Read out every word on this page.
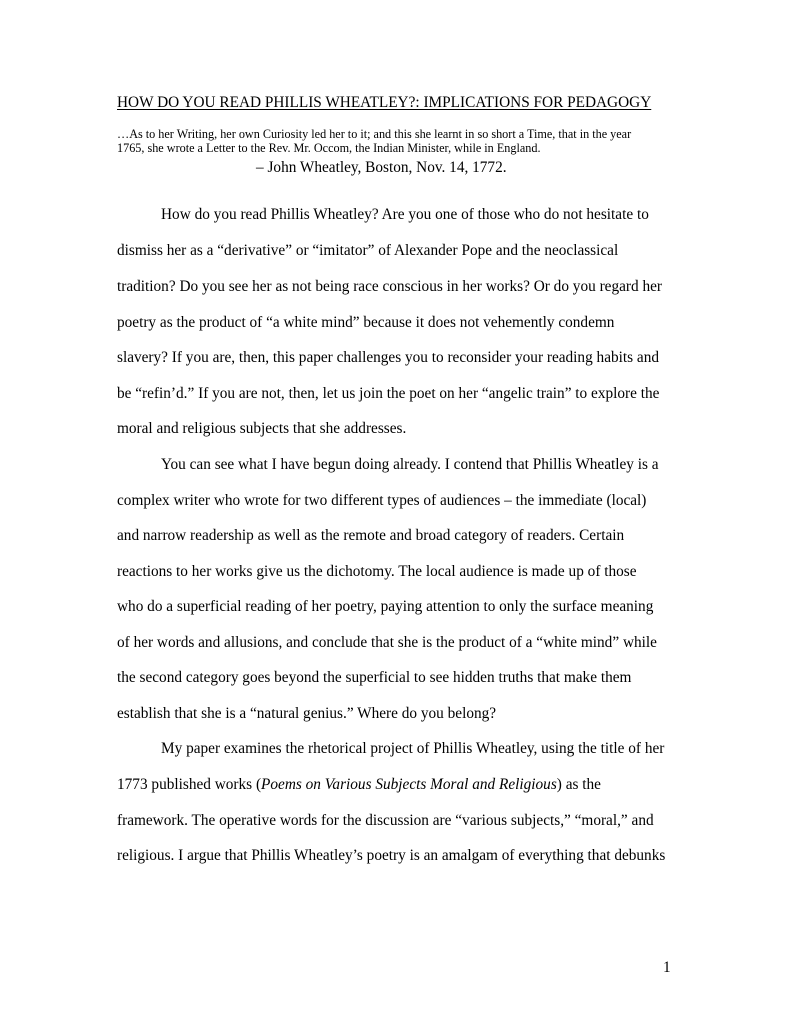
HOW DO YOU READ PHILLIS WHEATLEY?: IMPLICATIONS FOR PEDAGOGY
…As to her Writing, her own Curiosity led her to it; and this she learnt in so short a Time, that in the year
1765, she wrote a Letter to the Rev. Mr. Occom, the Indian Minister, while in England.
– John Wheatley, Boston, Nov. 14, 1772.
How do you read Phillis Wheatley? Are you one of those who do not hesitate to
dismiss her as a “derivative” or “imitator” of Alexander Pope and the neoclassical
tradition? Do you see her as not being race conscious in her works? Or do you regard her
poetry as the product of “a white mind” because it does not vehemently condemn
slavery? If you are, then, this paper challenges you to reconsider your reading habits and
be “refin’d.” If you are not, then, let us join the poet on her “angelic train” to explore the
moral and religious subjects that she addresses.
You can see what I have begun doing already. I contend that Phillis Wheatley is a
complex writer who wrote for two different types of audiences – the immediate (local)
and narrow readership as well as the remote and broad category of readers. Certain
reactions to her works give us the dichotomy. The local audience is made up of those
who do a superficial reading of her poetry, paying attention to only the surface meaning
of her words and allusions, and conclude that she is the product of a “white mind” while
the second category goes beyond the superficial to see hidden truths that make them
establish that she is a “natural genius.” Where do you belong?
My paper examines the rhetorical project of Phillis Wheatley, using the title of her
1773 published works (Poems on Various Subjects Moral and Religious) as the
framework. The operative words for the discussion are “various subjects,” “moral,” and
religious. I argue that Phillis Wheatley’s poetry is an amalgam of everything that debunks
1
